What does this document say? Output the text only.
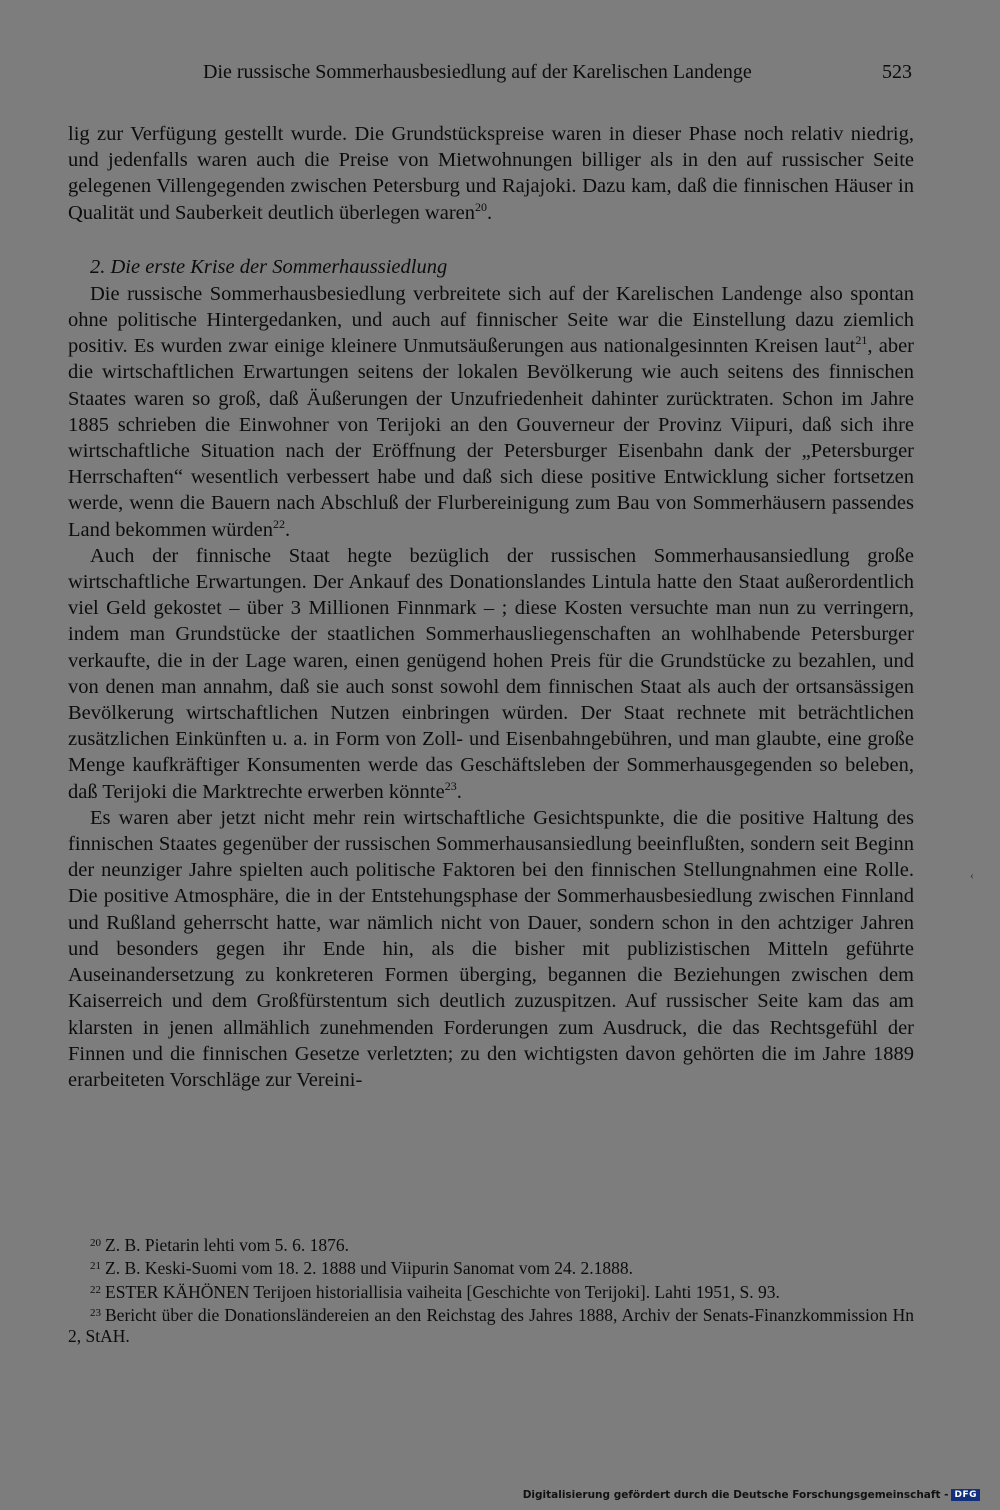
Die russische Sommerhausbesiedlung auf der Karelischen Landenge	523

lig zur Verfügung gestellt wurde. Die Grundstückspreise waren in dieser Phase noch relativ niedrig, und jedenfalls waren auch die Preise von Mietwohnungen billiger als in den auf russischer Seite gelegenen Villengegenden zwischen Petersburg und Rajajoki. Dazu kam, daß die finnischen Häuser in Qualität und Sauberkeit deutlich überlegen waren$^{20}$.

2. Die erste Krise der Sommerhaussiedlung

Die russische Sommerhausbesiedlung verbreitete sich auf der Karelischen Landenge also spontan ohne politische Hintergedanken, und auch auf finnischer Seite war die Einstellung dazu ziemlich positiv. Es wurden zwar einige kleinere Unmutsäußerungen aus nationalgesinnten Kreisen laut$^{21}$, aber die wirtschaftlichen Erwartungen seitens der lokalen Bevölkerung wie auch seitens des finnischen Staates waren so groß, daß Äußerungen der Unzufriedenheit dahinter zurücktraten. Schon im Jahre 1885 schrieben die Einwohner von Terijoki an den Gouverneur der Provinz Viipuri, daß sich ihre wirtschaftliche Situation nach der Eröffnung der Petersburger Eisenbahn dank der „Petersburger Herrschaften“ wesentlich verbessert habe und daß sich diese positive Entwicklung sicher fortsetzen werde, wenn die Bauern nach Abschluß der Flurbereinigung zum Bau von Sommerhäusern passendes Land bekommen würden$^{22}$.

Auch der finnische Staat hegte bezüglich der russischen Sommerhausansiedlung große wirtschaftliche Erwartungen. Der Ankauf des Donationslandes Lintula hatte den Staat außerordentlich viel Geld gekostet – über 3 Millionen Finnmark – ; diese Kosten versuchte man nun zu verringern, indem man Grundstücke der staatlichen Sommerhausliegenschaften an wohlhabende Petersburger verkaufte, die in der Lage waren, einen genügend hohen Preis für die Grundstücke zu bezahlen, und von denen man annahm, daß sie auch sonst sowohl dem finnischen Staat als auch der ortsansässigen Bevölkerung wirtschaftlichen Nutzen einbringen würden. Der Staat rechnete mit beträchtlichen zusätzlichen Einkünften u. a. in Form von Zoll- und Eisenbahngebühren, und man glaubte, eine große Menge kaufkräftiger Konsumenten werde das Geschäftsleben der Sommerhausgegenden so beleben, daß Terijoki die Marktrechte erwerben könnte$^{23}$.

Es waren aber jetzt nicht mehr rein wirtschaftliche Gesichtspunkte, die die positive Haltung des finnischen Staates gegenüber der russischen Sommerhausansiedlung beeinflußten, sondern seit Beginn der neunziger Jahre spielten auch politische Faktoren bei den finnischen Stellungnahmen eine Rolle. Die positive Atmosphäre, die in der Entstehungsphase der Sommerhausbesiedlung zwischen Finnland und Rußland geherrscht hatte, war nämlich nicht von Dauer, sondern schon in den achtziger Jahren und besonders gegen ihr Ende hin, als die bisher mit publizistischen Mitteln geführte Auseinandersetzung zu konkreteren Formen überging, begannen die Beziehungen zwischen dem Kaiserreich und dem Großfürstentum sich deutlich zuzuspitzen. Auf russischer Seite kam das am klarsten in jenen allmählich zunehmenden Forderungen zum Ausdruck, die das Rechtsgefühl der Finnen und die finnischen Gesetze verletzten; zu den wichtigsten davon gehörten die im Jahre 1889 erarbeiteten Vorschläge zur Vereini-

$^{20}$ Z. B. Pietarin lehti vom 5. 6. 1876.

$^{21}$ Z. B. Keski-Suomi vom 18. 2. 1888 und Viipurin Sanomat vom 24. 2.1888.

$^{22}$ ESTER KÄHÖNEN Terijoen historiallisia vaiheita [Geschichte von Terijoki]. Lahti 1951, S. 93.

$^{23}$ Bericht über die Donationsländereien an den Reichstag des Jahres 1888, Archiv der Senats-Finanzkommission Hn 2, StAH.

‹
Digitalisierung gefördert durch die Deutsche Forschungsgemeinschaft - DFG
